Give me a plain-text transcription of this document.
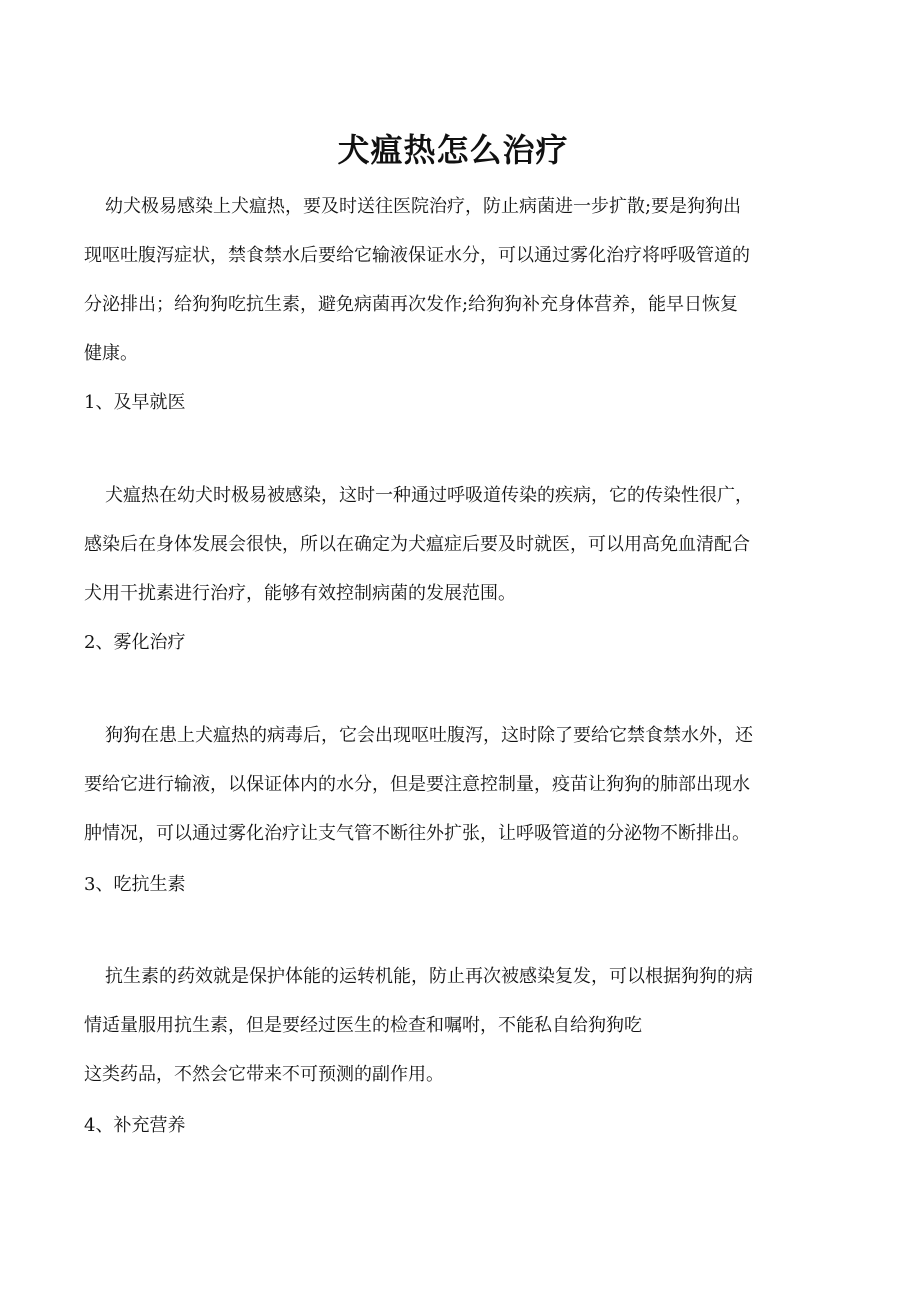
犬瘟热怎么治疗
幼犬极易感染上犬瘟热，要及时送往医院治疗，防止病菌进一步扩散;要是狗狗出
现呕吐腹泻症状，禁食禁水后要给它输液保证水分，可以通过雾化治疗将呼吸管道的
分泌排出；给狗狗吃抗生素，避免病菌再次发作;给狗狗补充身体营养，能早日恢复
健康。
1、及早就医
犬瘟热在幼犬时极易被感染，这时一种通过呼吸道传染的疾病，它的传染性很广，
感染后在身体发展会很快，所以在确定为犬瘟症后要及时就医，可以用高免血清配合
犬用干扰素进行治疗，能够有效控制病菌的发展范围。
2、雾化治疗
狗狗在患上犬瘟热的病毒后，它会出现呕吐腹泻，这时除了要给它禁食禁水外，还
要给它进行输液，以保证体内的水分，但是要注意控制量，疫苗让狗狗的肺部出现水
肿情况，可以通过雾化治疗让支气管不断往外扩张，让呼吸管道的分泌物不断排出。
3、吃抗生素
抗生素的药效就是保护体能的运转机能，防止再次被感染复发，可以根据狗狗的病
情适量服用抗生素，但是要经过医生的检查和嘱咐，不能私自给狗狗吃
这类药品，不然会它带来不可预测的副作用。
4、补充营养
